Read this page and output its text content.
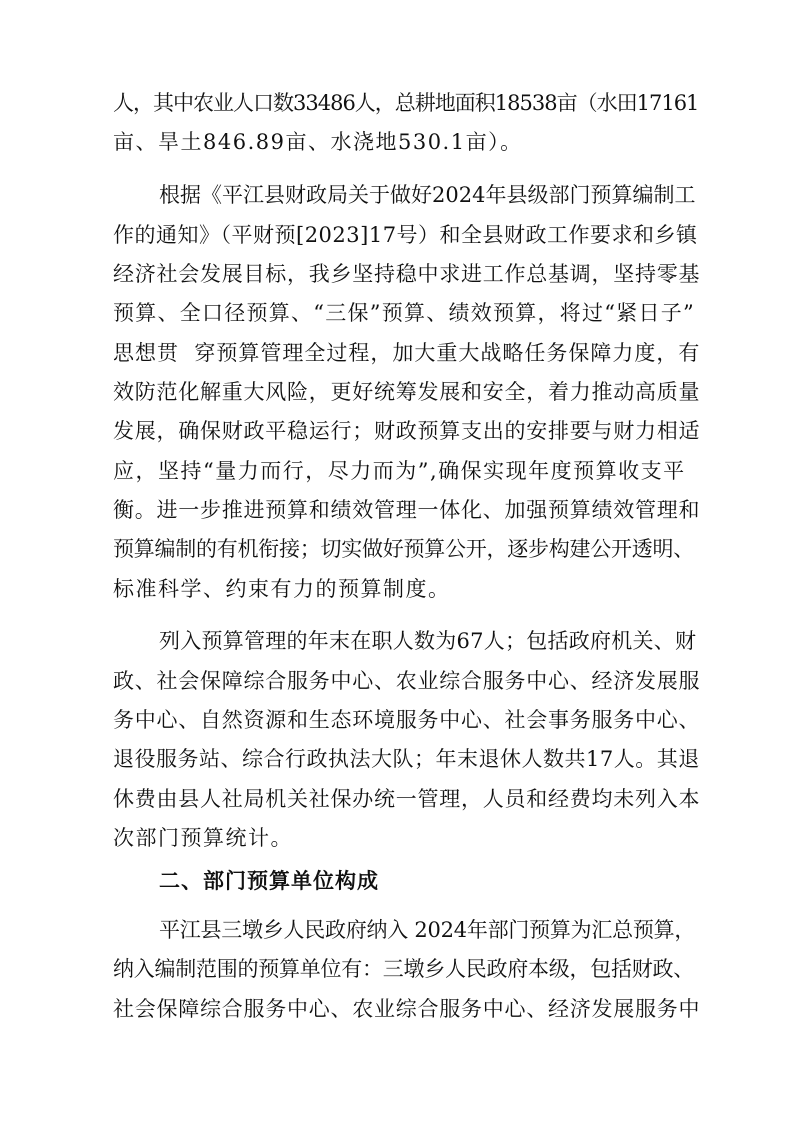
人，其中农业人口数33486人，总耕地面积18538亩（水田17161
亩、旱土846.89亩、水浇地530.1亩）。
根据《平江县财政局关于做好2024年县级部门预算编制工
作的通知》（平财预[2023]17号）和全县财政工作要求和乡镇
经济社会发展目标，我乡坚持稳中求进工作总基调，坚持零基
预算、全口径预算、“三保”预算、绩效预算，将过“紧日子”
思想贯  穿预算管理全过程，加大重大战略任务保障力度，有
效防范化解重大风险，更好统筹发展和安全，着力推动高质量
发展，确保财政平稳运行；财政预算支出的安排要与财力相适
应，坚持“量力而行，尽力而为”,确保实现年度预算收支平
衡。进一步推进预算和绩效管理一体化、加强预算绩效管理和
预算编制的有机衔接；切实做好预算公开，逐步构建公开透明、
标准科学、约束有力的预算制度。
列入预算管理的年末在职人数为67人；包括政府机关、财
政、社会保障综合服务中心、农业综合服务中心、经济发展服
务中心、自然资源和生态环境服务中心、社会事务服务中心、
退役服务站、综合行政执法大队；年末退休人数共17人。其退
休费由县人社局机关社保办统一管理，人员和经费均未列入本
次部门预算统计。
二、部门预算单位构成
平江县三墩乡人民政府纳入 2024年部门预算为汇总预算，
纳入编制范围的预算单位有：三墩乡人民政府本级，包括财政、
社会保障综合服务中心、农业综合服务中心、经济发展服务中
